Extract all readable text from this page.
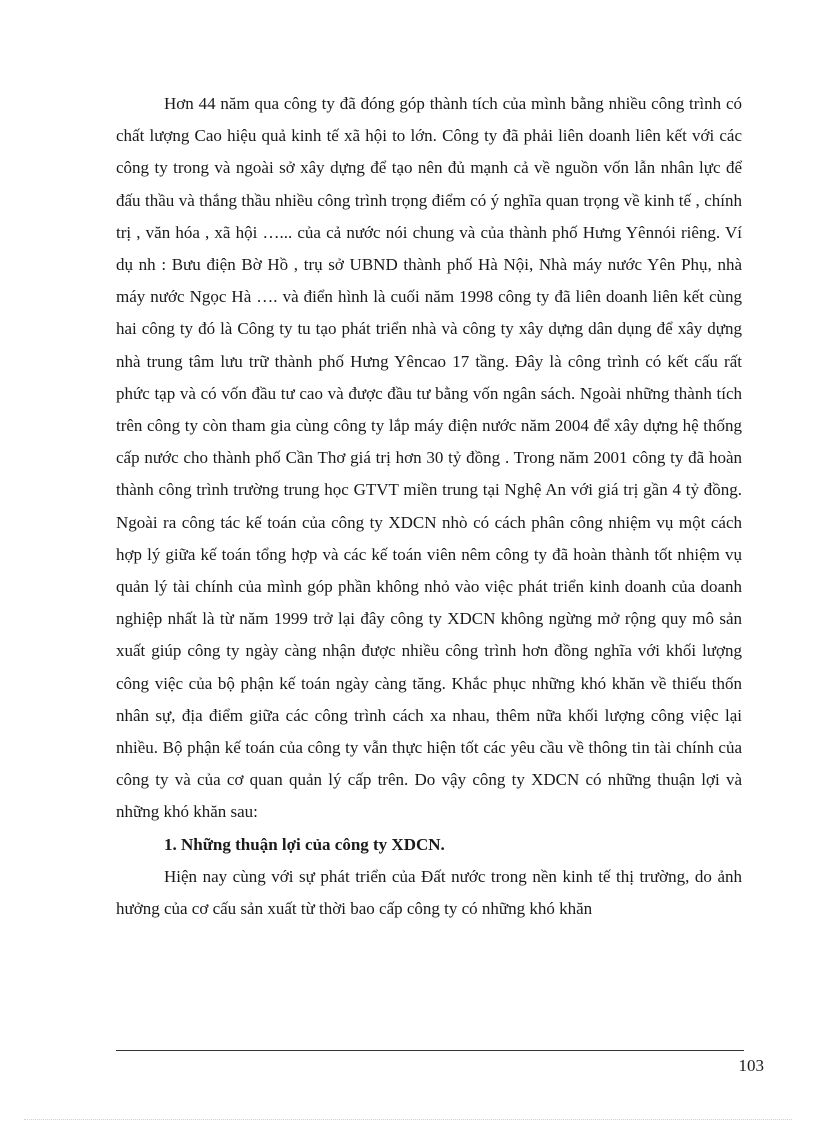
Hơn 44 năm qua công ty đã đóng góp thành tích của mình bằng nhiều công trình có chất lượng Cao hiệu quả kinh tế xã hội to lớn. Công ty đã phải liên doanh liên kết với các công ty trong và ngoài sở xây dựng để tạo nên đủ mạnh cả về nguồn vốn lẫn nhân lực để đấu thầu và thắng thầu nhiều công trình trọng điểm có ý nghĩa quan trọng về kinh tế , chính trị , văn hóa , xã hội …... của cả nước nói chung và của thành phố Hưng Yênnói riêng. Ví dụ nh : Bưu điện Bờ Hồ , trụ sở UBND thành phố Hà Nội, Nhà máy nước Yên Phụ, nhà máy nước Ngọc Hà …. và điển hình là cuối năm 1998 công ty đã liên doanh liên kết cùng hai công ty đó là Công ty tu tạo phát triển nhà và công ty xây dựng dân dụng để xây dựng nhà trung tâm lưu trữ thành phố Hưng Yêncao 17 tầng. Đây là công trình có kết cấu rất phức tạp và có vốn đầu tư cao và được đầu tư bằng vốn ngân sách. Ngoài những thành tích trên công ty còn tham gia cùng công ty lắp máy điện nước năm 2004 để xây dựng hệ thống cấp nước cho thành phố Cần Thơ giá trị hơn 30 tỷ đồng . Trong năm 2001 công ty đã hoàn thành công trình trường trung học GTVT miền trung tại Nghệ An với giá trị gần 4 tỷ đồng. Ngoài ra công tác kế toán của công ty XDCN nhò có cách phân công nhiệm vụ một cách hợp lý giữa kế toán tổng hợp và các kế toán viên nêm công ty đã hoàn thành tốt nhiệm vụ quản lý tài chính của mình góp phần không nhỏ vào việc phát triển kinh doanh của doanh nghiệp nhất là từ năm 1999 trở lại đây công ty XDCN không ngừng mở rộng quy mô sản xuất giúp công ty ngày càng nhận được nhiều công trình hơn đồng nghĩa với khối lượng công việc của bộ phận kế toán ngày càng tăng. Khắc phục những khó khăn về thiếu thốn nhân sự, địa điểm giữa các công trình cách xa nhau, thêm nữa khối lượng công việc lại nhiều. Bộ phận kế toán của công ty vẫn thực hiện tốt các yêu cầu về thông tin tài chính của công ty và của cơ quan quản lý cấp trên. Do vậy công ty XDCN có những thuận lợi và những khó khăn sau:

1. Những thuận lợi của công ty XDCN.

Hiện nay cùng với sự phát triển của Đất nước trong nền kinh tế thị trường, do ảnh hưởng của cơ cấu sản xuất từ thời bao cấp công ty có những khó khăn

103
